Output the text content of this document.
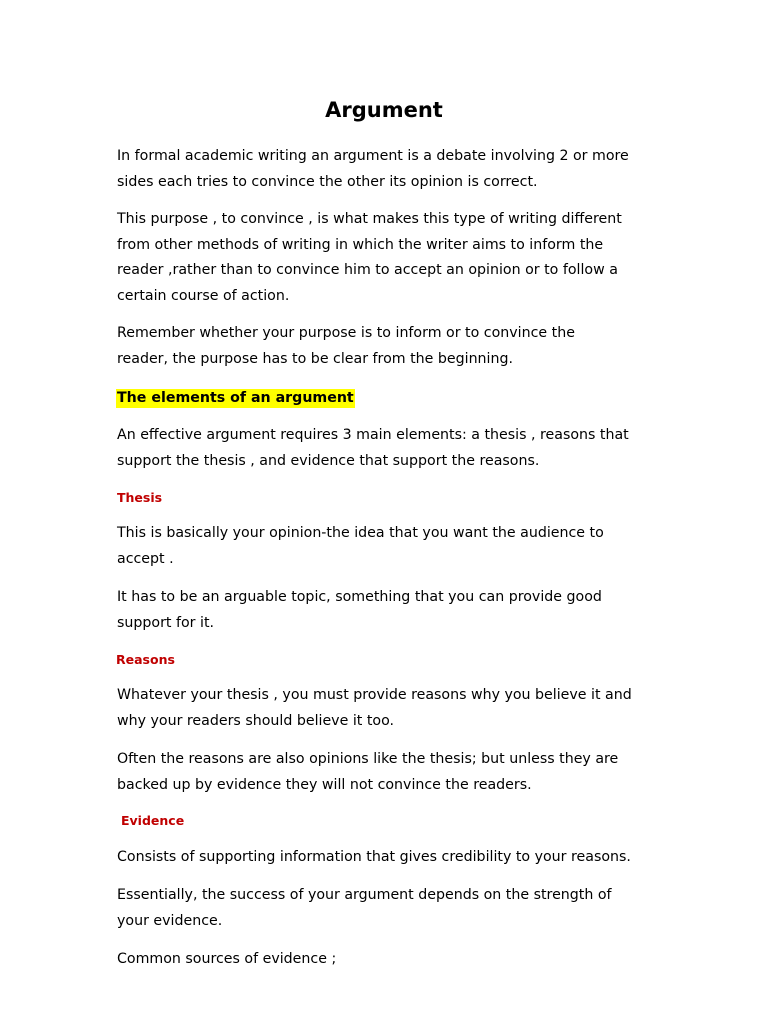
Argument

In formal academic writing an argument is a debate involving 2 or more
sides each tries to convince the other its opinion is correct.

This purpose , to convince , is what makes this type of writing different
from other methods of writing in which the writer aims to inform the
reader ,rather than to convince him to accept an opinion or to follow a
certain course of action.

Remember whether your purpose is to inform or to convince the
reader, the purpose has to be clear from the beginning.

The elements of an argument

An effective argument requires 3 main elements: a thesis , reasons that
support the thesis , and evidence that support the reasons.

Thesis

This is basically your opinion-the idea that you want the audience to
accept .

It has to be an arguable topic, something that you can provide good
support for it.

Reasons

Whatever your thesis , you must provide reasons why you believe it and
why your readers should believe it too.

Often the reasons are also opinions like the thesis; but unless they are
backed up by evidence they will not convince the readers.

Evidence

Consists of supporting information that gives credibility to your reasons.

Essentially, the success of your argument depends on the strength of
your evidence.

Common sources of evidence ;
